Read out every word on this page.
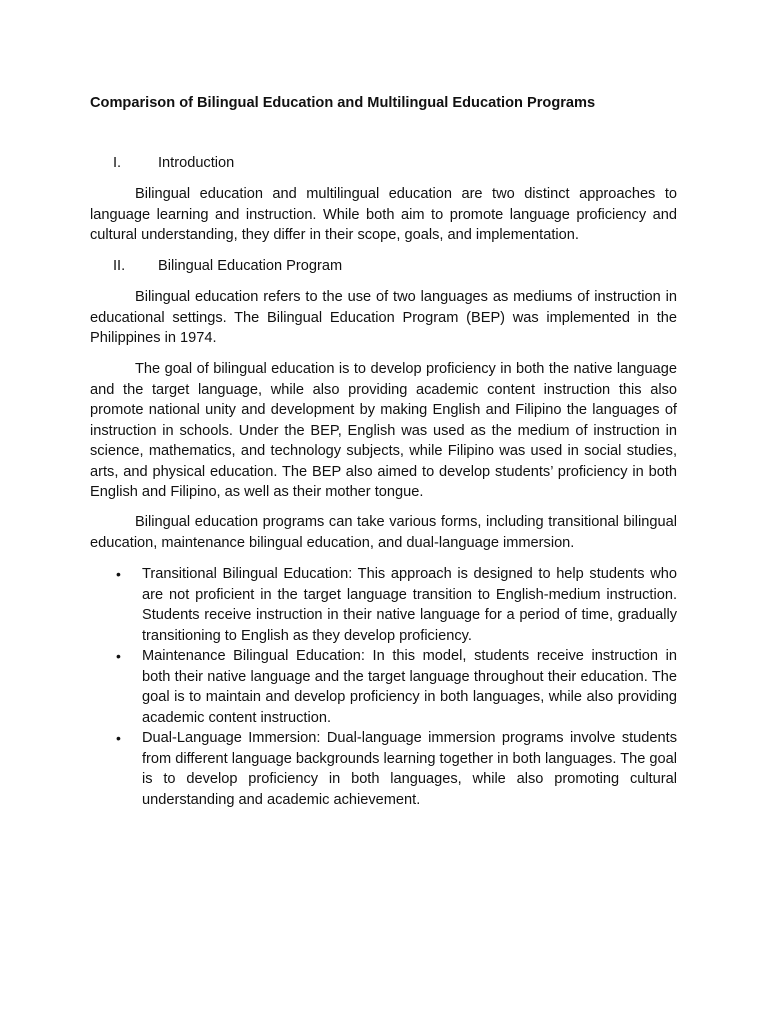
Comparison of Bilingual Education and Multilingual Education Programs
I.	Introduction

Bilingual education and multilingual education are two distinct approaches to language learning and instruction. While both aim to promote language proficiency and cultural understanding, they differ in their scope, goals, and implementation.

II. Bilingual Education Program

Bilingual education refers to the use of two languages as mediums of instruction in educational settings. The Bilingual Education Program (BEP) was implemented in the Philippines in 1974.

The goal of bilingual education is to develop proficiency in both the native language and the target language, while also providing academic content instruction this also promote national unity and development by making English and Filipino the languages of instruction in schools. Under the BEP, English was used as the medium of instruction in science, mathematics, and technology subjects, while Filipino was used in social studies, arts, and physical education. The BEP also aimed to develop students’ proficiency in both English and Filipino, as well as their mother tongue.

Bilingual education programs can take various forms, including transitional bilingual education, maintenance bilingual education, and dual-language immersion.

• Transitional Bilingual Education: This approach is designed to help students who are not proficient in the target language transition to English-medium instruction. Students receive instruction in their native language for a period of time, gradually transitioning to English as they develop proficiency.
• Maintenance Bilingual Education: In this model, students receive instruction in both their native language and the target language throughout their education. The goal is to maintain and develop proficiency in both languages, while also providing academic content instruction.
• Dual-Language Immersion: Dual-language immersion programs involve students from different language backgrounds learning together in both languages. The goal is to develop proficiency in both languages, while also promoting cultural understanding and academic achievement.
